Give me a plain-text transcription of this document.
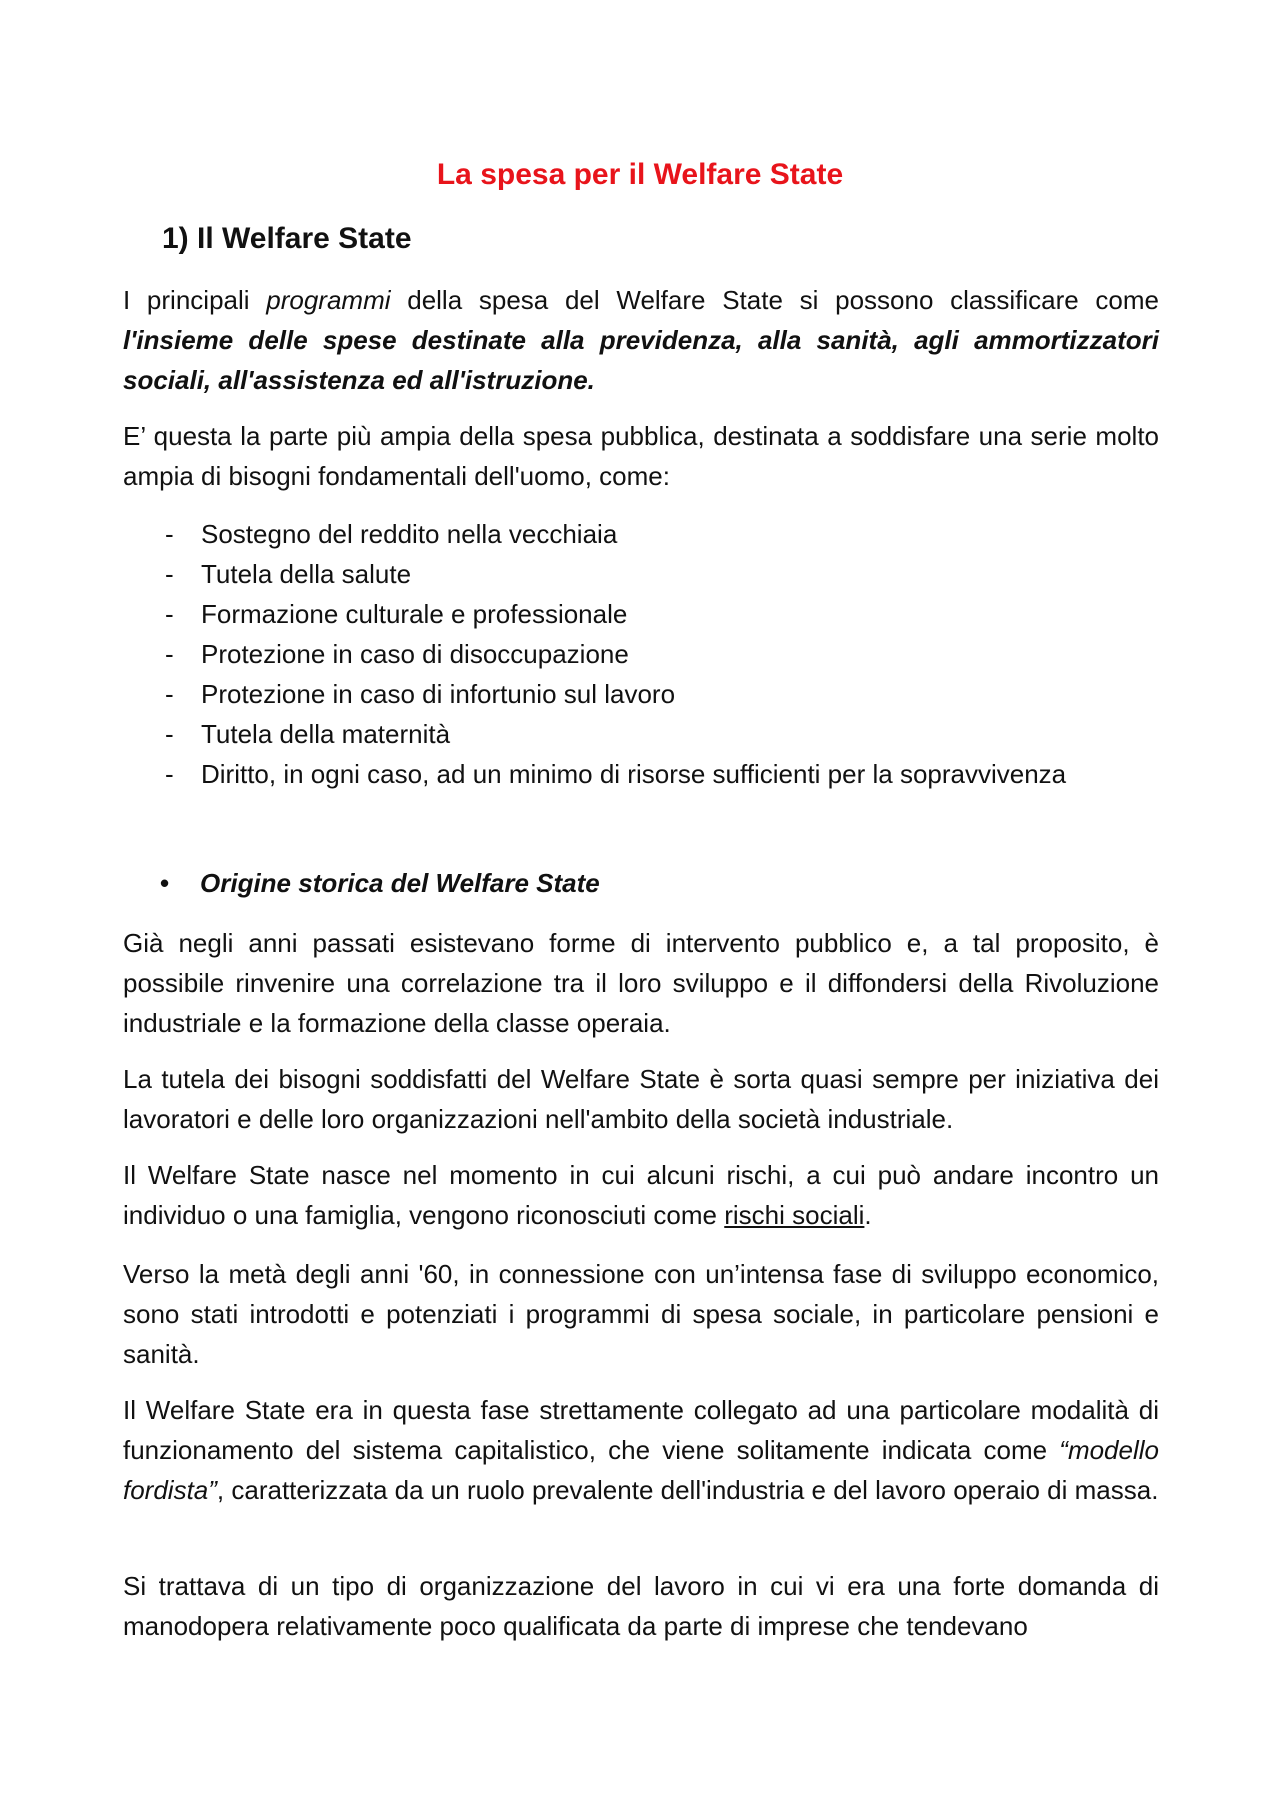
La spesa per il Welfare State
1) Il Welfare State

I principali programmi della spesa del Welfare State si possono classificare come l'insieme delle spese destinate alla previdenza, alla sanità, agli ammortizzatori sociali, all'assistenza ed all'istruzione.

E’ questa la parte più ampia della spesa pubblica, destinata a soddisfare una serie molto ampia di bisogni fondamentali dell'uomo, come:

- Sostegno del reddito nella vecchiaia
- Tutela della salute
- Formazione culturale e professionale
- Protezione in caso di disoccupazione
- Protezione in caso di infortunio sul lavoro
- Tutela della maternità
- Diritto, in ogni caso, ad un minimo di risorse sufficienti per la sopravvivenza

• Origine storica del Welfare State

Già negli anni passati esistevano forme di intervento pubblico e, a tal proposito, è possibile rinvenire una correlazione tra il loro sviluppo e il diffondersi della Rivoluzione industriale e la formazione della classe operaia.

La tutela dei bisogni soddisfatti del Welfare State è sorta quasi sempre per iniziativa dei lavoratori e delle loro organizzazioni nell'ambito della società industriale.

Il Welfare State nasce nel momento in cui alcuni rischi, a cui può andare incontro un individuo o una famiglia, vengono riconosciuti come rischi sociali.

Verso la metà degli anni '60, in connessione con un’intensa fase di sviluppo economico, sono stati introdotti e potenziati i programmi di spesa sociale, in particolare pensioni e sanità.

Il Welfare State era in questa fase strettamente collegato ad una particolare modalità di funzionamento del sistema capitalistico, che viene solitamente indicata come “modello fordista”, caratterizzata da un ruolo prevalente dell'industria e del lavoro operaio di massa.

Si trattava di un tipo di organizzazione del lavoro in cui vi era una forte domanda di manodopera relativamente poco qualificata da parte di imprese che tendevano
